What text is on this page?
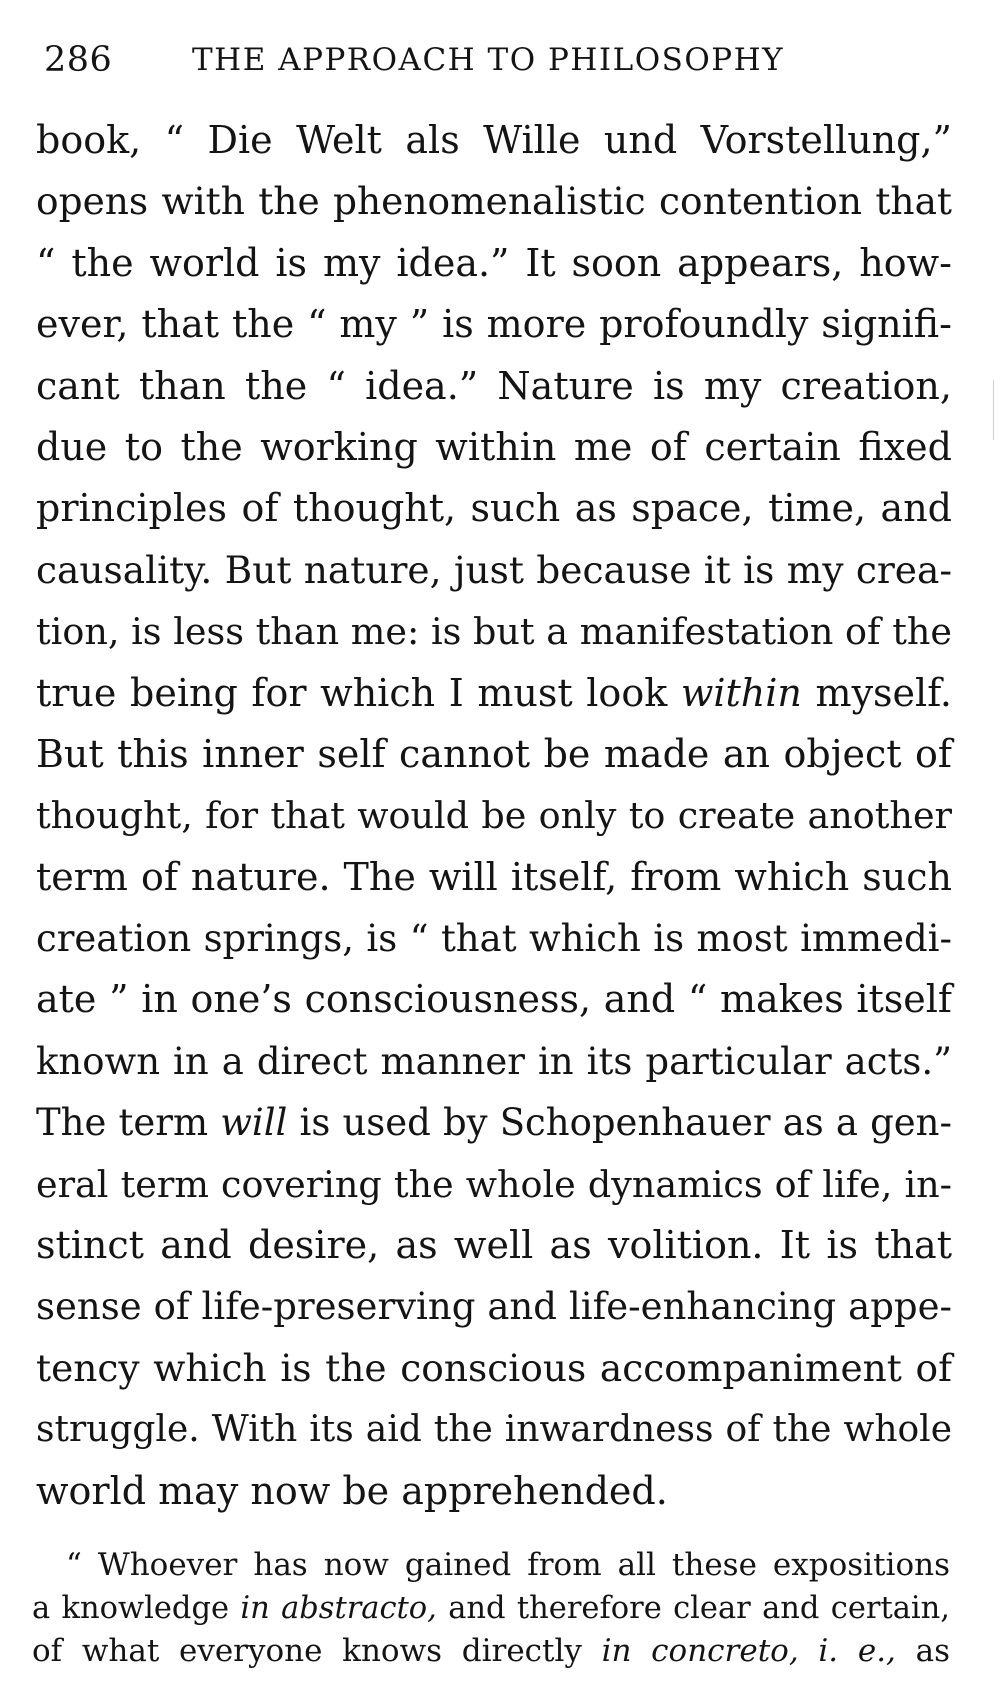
286	THE APPROACH TO PHILOSOPHY
book, “ Die Welt als Wille und Vorstellung,”
opens with the phenomenalistic contention that
“ the world is my idea.” It soon appears, how-
ever, that the “ my ” is more profoundly signifi-
cant than the “ idea.” Nature is my creation,
due to the working within me of certain fixed
principles of thought, such as space, time, and
causality. But nature, just because it is my crea-
tion, is less than me: is but a manifestation of the
true being for which I must look within myself.
But this inner self cannot be made an object of
thought, for that would be only to create another
term of nature. The will itself, from which such
creation springs, is “ that which is most immedi-
ate ” in one’s consciousness, and “ makes itself
known in a direct manner in its particular acts.”
The term will is used by Schopenhauer as a gen-
eral term covering the whole dynamics of life, in-
stinct and desire, as well as volition. It is that
sense of life-preserving and life-enhancing appe-
tency which is the conscious accompaniment of
struggle. With its aid the inwardness of the whole
world may now be apprehended.
“ Whoever has now gained from all these expositions
a knowledge in abstracto, and therefore clear and certain,
of what everyone knows directly in concreto, i. e., as
